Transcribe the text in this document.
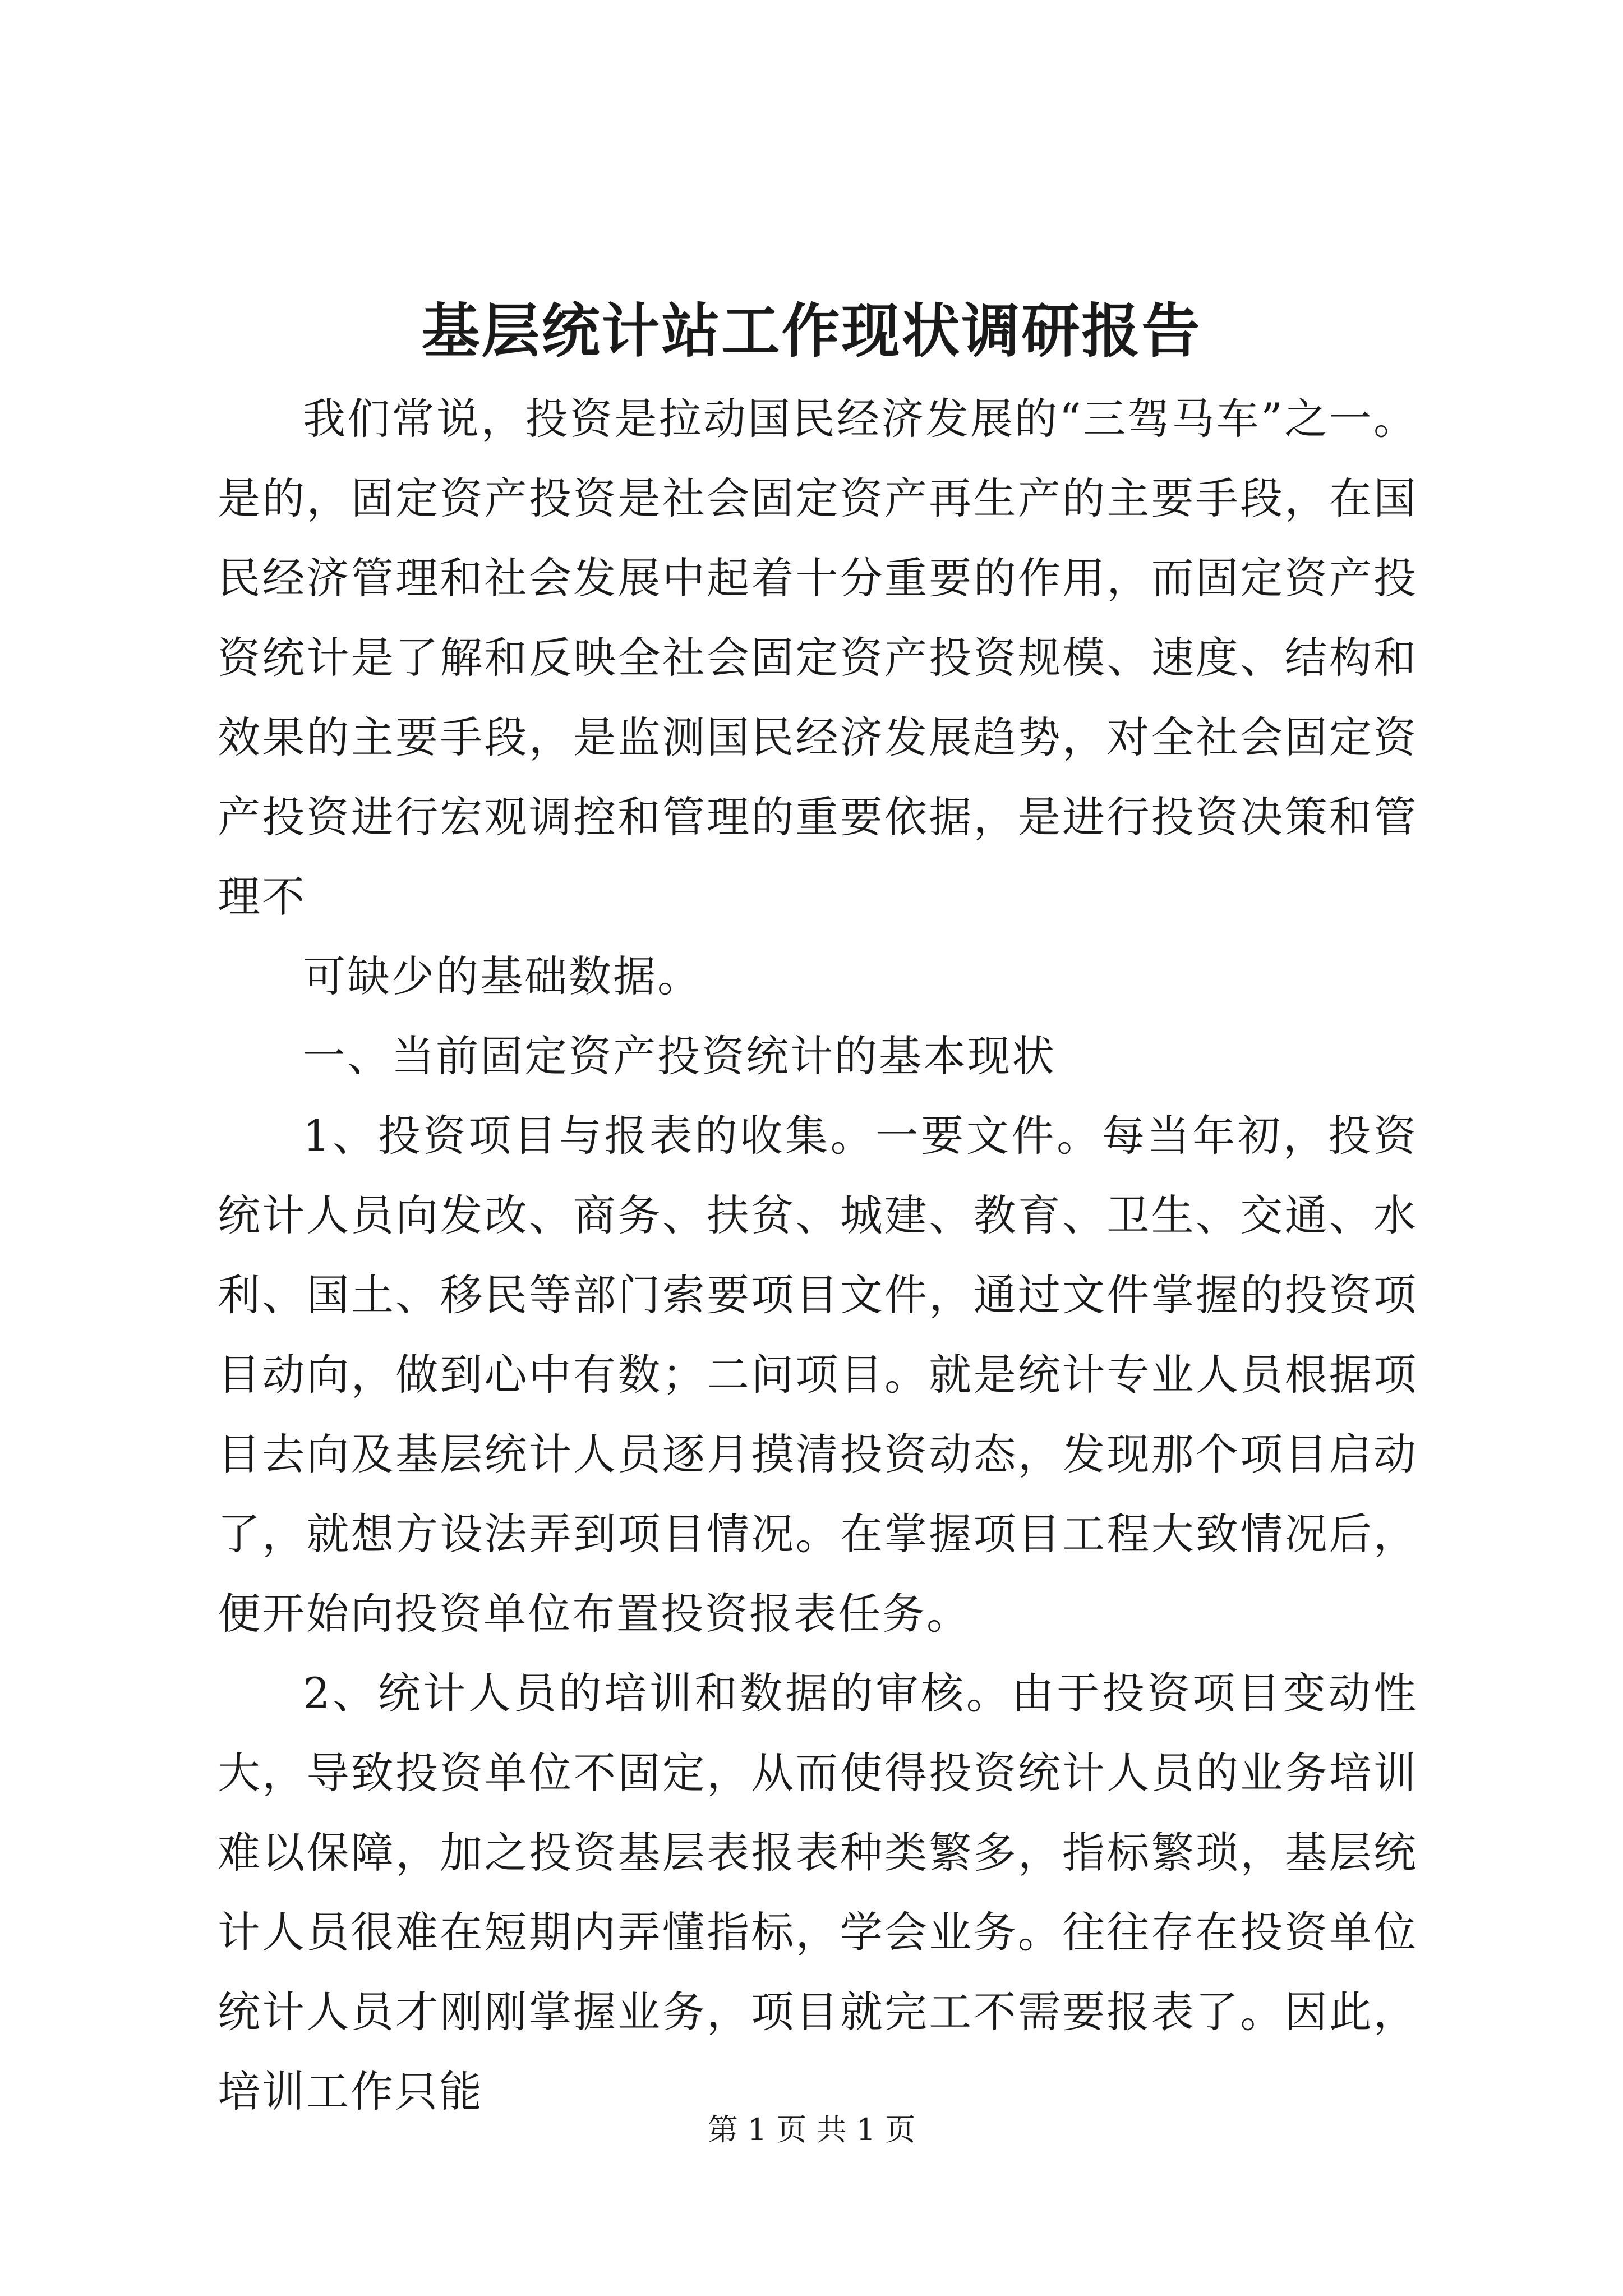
基层统计站工作现状调研报告

我们常说，投资是拉动国民经济发展的“三驾马车”之一。是的，固定资产投资是社会固定资产再生产的主要手段，在国民经济管理和社会发展中起着十分重要的作用，而固定资产投资统计是了解和反映全社会固定资产投资规模、速度、结构和效果的主要手段，是监测国民经济发展趋势，对全社会固定资产投资进行宏观调控和管理的重要依据，是进行投资决策和管理不

可缺少的基础数据。

一、当前固定资产投资统计的基本现状

1、投资项目与报表的收集。一要文件。每当年初，投资统计人员向发改、商务、扶贫、城建、教育、卫生、交通、水利、国土、移民等部门索要项目文件，通过文件掌握的投资项目动向，做到心中有数；二问项目。就是统计专业人员根据项目去向及基层统计人员逐月摸清投资动态，发现那个项目启动了，就想方设法弄到项目情况。在掌握项目工程大致情况后，便开始向投资单位布置投资报表任务。

2、统计人员的培训和数据的审核。由于投资项目变动性大，导致投资单位不固定，从而使得投资统计人员的业务培训难以保障，加之投资基层表报表种类繁多，指标繁琐，基层统计人员很难在短期内弄懂指标，学会业务。往往存在投资单位统计人员才刚刚掌握业务，项目就完工不需要报表了。因此，培训工作只能

第 1 页 共 1 页
